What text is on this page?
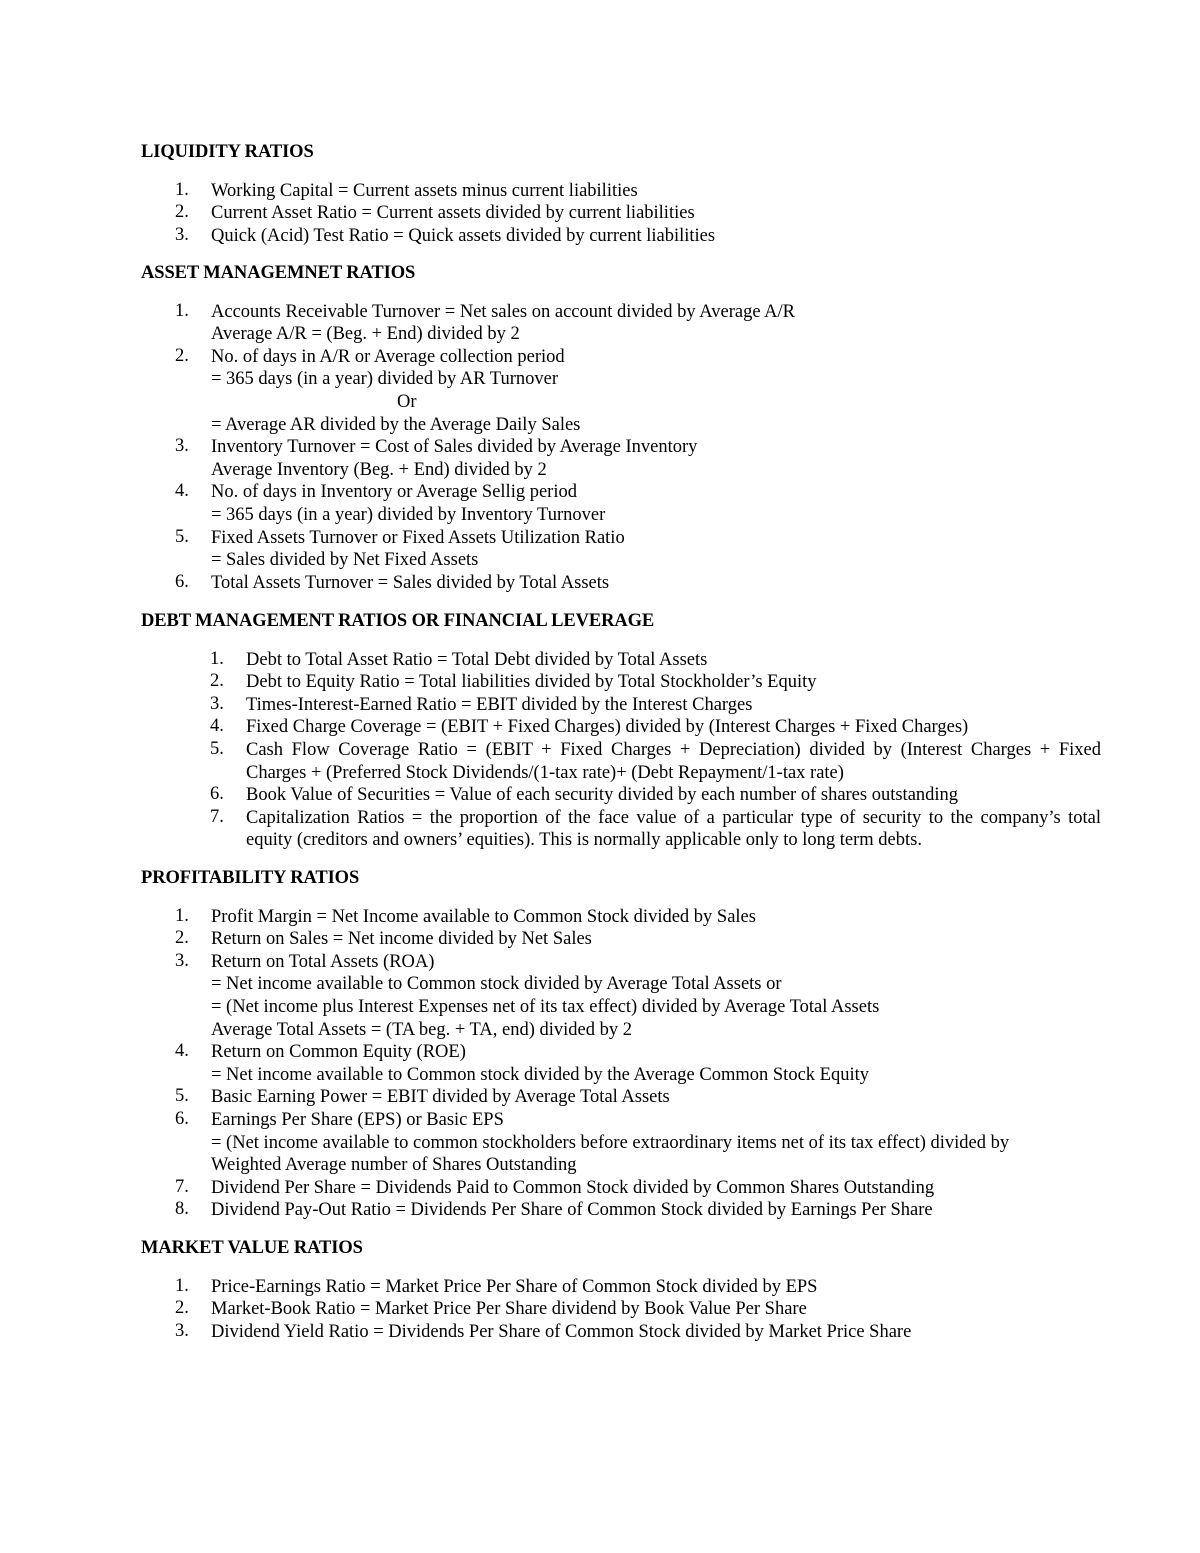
LIQUIDITY RATIOS
1.	Working Capital = Current assets minus current liabilities
2.	Current Asset Ratio = Current assets divided by current liabilities
3.	Quick (Acid) Test Ratio = Quick assets divided by current liabilities
ASSET MANAGEMNET RATIOS
1.	Accounts Receivable Turnover = Net sales on account divided by Average A/R
Average A/R = (Beg. + End) divided by 2
2.	No. of days in A/R or Average collection period
= 365 days (in a year) divided by AR Turnover
Or
= Average AR divided by the Average Daily Sales
3.	Inventory Turnover = Cost of Sales divided by Average Inventory
Average Inventory (Beg. + End) divided by 2
4.	No. of days in Inventory or Average Sellig period
= 365 days (in a year) divided by Inventory Turnover
5.	Fixed Assets Turnover or Fixed Assets Utilization Ratio
= Sales divided by Net Fixed Assets
6.	Total Assets Turnover = Sales divided by Total Assets
DEBT MANAGEMENT RATIOS OR FINANCIAL LEVERAGE
1.	Debt to Total Asset Ratio = Total Debt divided by Total Assets
2.	Debt to Equity Ratio = Total liabilities divided by Total Stockholder’s Equity
3.	Times-Interest-Earned Ratio = EBIT divided by the Interest Charges
4.	Fixed Charge Coverage = (EBIT + Fixed Charges) divided by (Interest Charges + Fixed Charges)
5.	Cash Flow Coverage Ratio = (EBIT + Fixed Charges + Depreciation) divided by (Interest Charges + Fixed Charges + (Preferred Stock Dividends/(1-tax rate)+ (Debt Repayment/1-tax rate)
6.	Book Value of Securities = Value of each security divided by each number of shares outstanding
7.	Capitalization Ratios = the proportion of the face value of a particular type of security to the company’s total equity (creditors and owners’ equities). This is normally applicable only to long term debts.
PROFITABILITY RATIOS
1.	Profit Margin = Net Income available to Common Stock divided by Sales
2.	Return on Sales = Net income divided by Net Sales
3.	Return on Total Assets (ROA)
= Net income available to Common stock divided by Average Total Assets or
= (Net income plus Interest Expenses net of its tax effect) divided by Average Total Assets
Average Total Assets = (TA beg. + TA, end) divided by 2
4.	Return on Common Equity (ROE)
= Net income available to Common stock divided by the Average Common Stock Equity
5.	Basic Earning Power = EBIT divided by Average Total Assets
6.	Earnings Per Share (EPS) or Basic EPS
= (Net income available to common stockholders before extraordinary items net of its tax effect) divided by
Weighted Average number of Shares Outstanding
7.	Dividend Per Share = Dividends Paid to Common Stock divided by Common Shares Outstanding
8.	Dividend Pay-Out Ratio = Dividends Per Share of Common Stock divided by Earnings Per Share
MARKET VALUE RATIOS
1.	Price-Earnings Ratio = Market Price Per Share of Common Stock divided by EPS
2.	Market-Book Ratio = Market Price Per Share dividend by Book Value Per Share
3.	Dividend Yield Ratio = Dividends Per Share of Common Stock divided by Market Price Share
